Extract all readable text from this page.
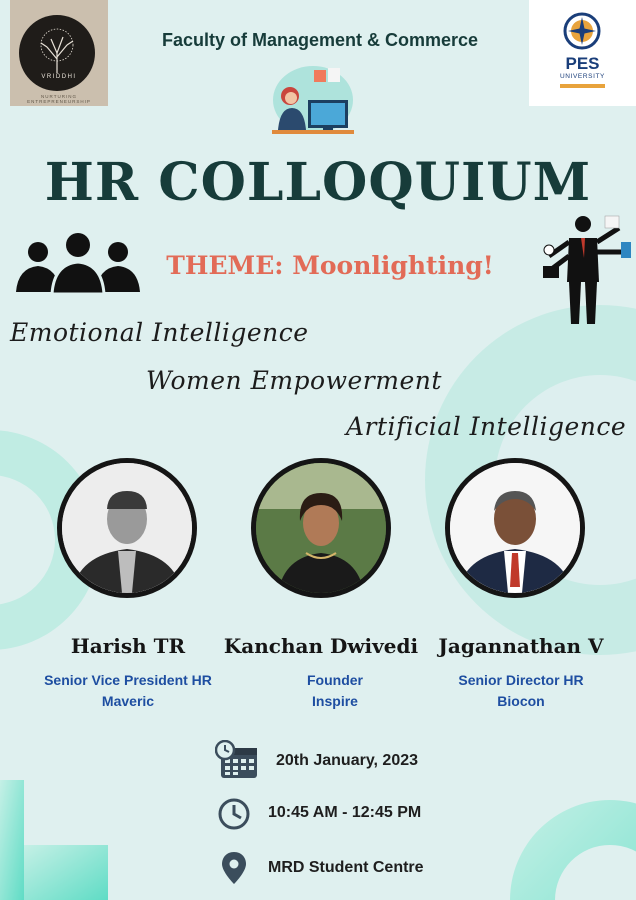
VRIDDHI
NURTURING ENTREPRENEURSHIP
PES
UNIVERSITY
Faculty of Management & Commerce
HR COLLOQUIUM
THEME: Moonlighting!
Emotional Intelligence
Women Empowerment
Artificial Intelligence
Harish TR	Kanchan Dwivedi	Jagannathan V
Senior Vice President HR
Maveric
Founder
Inspire
Senior Director HR
Biocon
20th January, 2023
10:45 AM - 12:45 PM
MRD Student Centre
